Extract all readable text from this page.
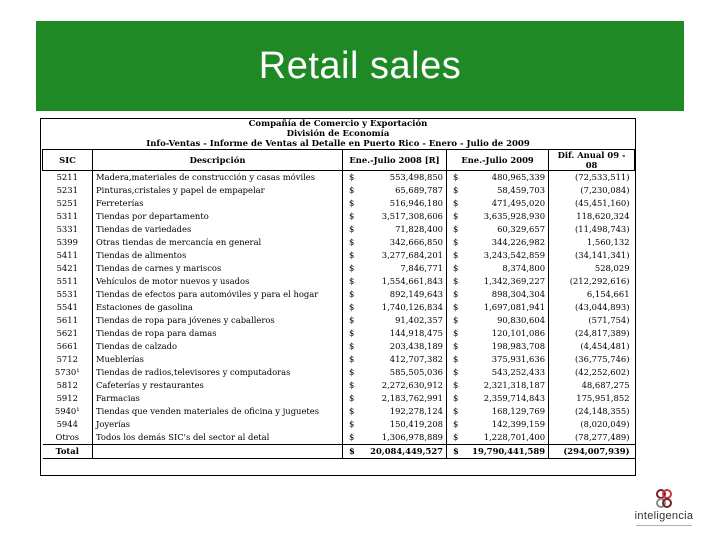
Retail sales
Compañía de Comercio y Exportación
División de Economía
Info-Ventas - Informe de Ventas al Detalle en Puerto Rico - Enero - Julio de 2009
SIC	Descripción	Ene.-Julio 2008 [R]		Ene.-Julio 2009		Dif. Anual 09 - 08
5211	Madera,materiales de construcción y casas móviles	$	553,498,850	$	480,965,339	(72,533,511)
5231	Pinturas,cristales y papel de empapelar	$	65,689,787	$	58,459,703	(7,230,084)
5251	Ferreterías	$	516,946,180	$	471,495,020	(45,451,160)
5311	Tiendas por departamento	$	3,517,308,606	$	3,635,928,930	118,620,324
5331	Tiendas de variedades	$	71,828,400	$	60,329,657	(11,498,743)
5399	Otras tiendas de mercancía en general	$	342,666,850	$	344,226,982	1,560,132
5411	Tiendas de alimentos	$	3,277,684,201	$	3,243,542,859	(34,141,341)
5421	Tiendas de carnes y mariscos	$	7,846,771	$	8,374,800	528,029
5511	Vehículos de motor nuevos y usados	$	1,554,661,843	$	1,342,369,227	(212,292,616)
5531	Tiendas de efectos para automóviles y para el hogar	$	892,149,643	$	898,304,304	6,154,661
5541	Estaciones de gasolina	$	1,740,126,834	$	1,697,081,941	(43,044,893)
5611	Tiendas de ropa para jóvenes y caballeros	$	91,402,357	$	90,830,604	(571,754)
5621	Tiendas de ropa para damas	$	144,918,475	$	120,101,086	(24,817,389)
5661	Tiendas de calzado	$	203,438,189	$	198,983,708	(4,454,481)
5712	Mueblerías	$	412,707,382	$	375,931,636	(36,775,746)
5730¹	Tiendas de radios,televisores y computadoras	$	585,505,036	$	543,252,433	(42,252,602)
5812	Cafeterías y restaurantes	$	2,272,630,912	$	2,321,318,187	48,687,275
5912	Farmacias	$	2,183,762,991	$	2,359,714,843	175,951,852
5940¹	Tiendas que venden materiales de oficina y juguetes	$	192,278,124	$	168,129,769	(24,148,355)
5944	Joyerías	$	150,419,208	$	142,399,159	(8,020,049)
Otros	Todos los demás SIC's del sector al detal	$	1,306,978,889	$	1,228,701,400	(78,277,489)
Total		$	20,084,449,527	$	19,790,441,589	(294,007,939)
inteligencia
